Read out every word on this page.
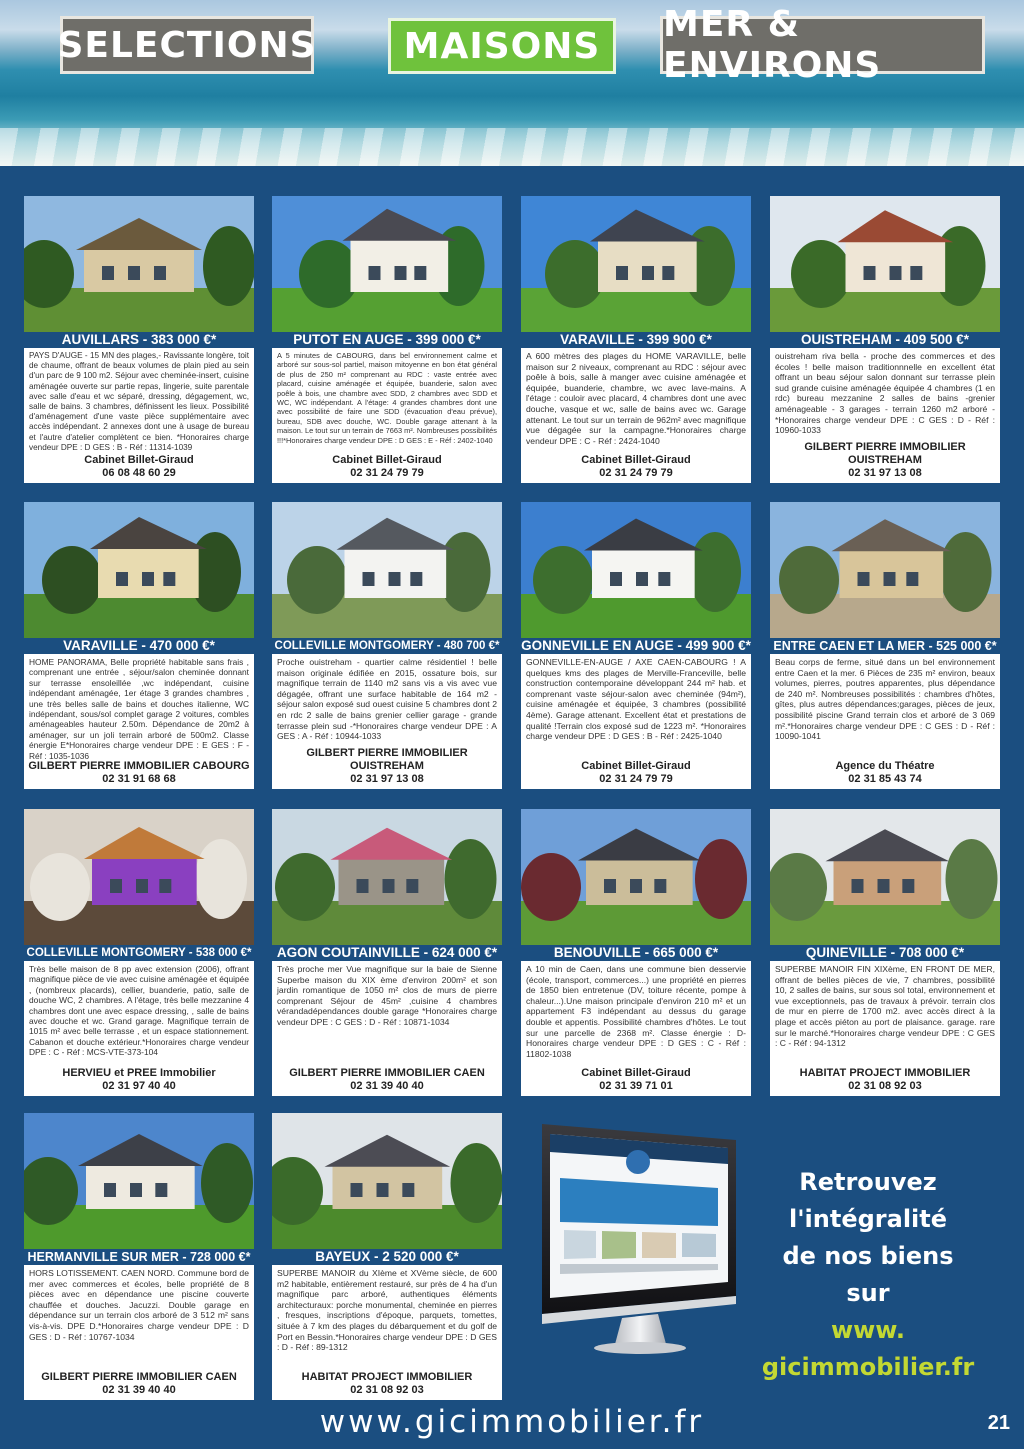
SELECTIONS	MAISONS
MER & ENVIRONS
AUVILLARS - 383 000 €*
PAYS D'AUGE - 15 MN des plages,- Ravissante longère, toit de chaume, offrant de beaux volumes de plain pied au sein d'un parc de 9 100 m2. Séjour avec cheminée-insert, cuisine aménagée ouverte sur partie repas, lingerie, suite parentale avec salle d'eau et wc séparé, dressing, dégagement, wc, salle de bains. 3 chambres, définissent les lieux. Possibilité d'aménagement d'une vaste pièce supplémentaire avec accès indépendant. 2 annexes dont une à usage de bureau et l'autre d'atelier complètent ce bien. *Honoraires charge vendeur DPE : D GES : B - Réf : 11314-1039
Cabinet Billet-Giraud
06 08 48 60 29
PUTOT EN AUGE - 399 000 €*
A 5 minutes de CABOURG, dans bel environnement calme et arboré sur sous-sol partiel, maison mitoyenne en bon état général de plus de 250 m² comprenant au RDC : vaste entrée avec placard, cuisine aménagée et équipée, buanderie, salon avec poêle à bois, une chambre avec SDD, 2 chambres avec SDD et WC, WC indépendant. A l'étage: 4 grandes chambres dont une avec possibilité de faire une SDD (évacuation d'eau prévue), bureau, SDB avec douche, WC. Double garage attenant à la maison. Le tout sur un terrain de 7663 m². Nombreuses possibilités !!!*Honoraires charge vendeur DPE : D GES : E - Réf : 2402-1040
Cabinet Billet-Giraud
02 31 24 79 79
VARAVILLE - 399 900 €*
A 600 mètres des plages du HOME VARAVILLE, belle maison sur 2 niveaux, comprenant au RDC : séjour avec poêle à bois, salle à manger avec cuisine aménagée et équipée, buanderie, chambre, wc avec lave-mains. A l'étage : couloir avec placard, 4 chambres dont une avec douche, vasque et wc, salle de bains avec wc. Garage attenant. Le tout sur un terrain de 962m² avec magnifique vue dégagée sur la campagne.*Honoraires charge vendeur DPE : C - Réf : 2424-1040
Cabinet Billet-Giraud
02 31 24 79 79
OUISTREHAM - 409 500 €*
ouistreham riva bella - proche des commerces et des écoles ! belle maison traditionnnelle en excellent état offrant un beau séjour salon donnant sur terrasse plein sud grande cuisine aménagée équipée 4 chambres (1 en rdc) bureau mezzanine 2 salles de bains -grenier aménageable - 3 garages - terrain 1260 m2 arboré -*Honoraires charge vendeur DPE : C GES : D - Réf : 10960-1033
GILBERT PIERRE IMMOBILIER OUISTREHAM
02 31 97 13 08
VARAVILLE - 470 000 €*
HOME PANORAMA, Belle propriété habitable sans frais , comprenant une entrée , séjour/salon cheminée donnant sur terrasse ensoleillée ,wc indépendant, cuisine indépendant aménagée, 1er étage 3 grandes chambres , une très belles salle de bains et douches italienne, WC indépendant, sous/sol complet garage 2 voitures, combles aménageables hauteur 2.50m. Dépendance de 20m2 à aménager, sur un joli terrain arboré de 500m2. Classe énergie E*Honoraires charge vendeur DPE : E GES : F - Réf : 1035-1036
GILBERT PIERRE IMMOBILIER CABOURG
02 31 91 68 68
COLLEVILLE MONTGOMERY - 480 700 €*
Proche ouistreham - quartier calme résidentiel ! belle maison originale édifiée en 2015, ossature bois, sur magnifique terrain de 1140 m2 sans vis a vis avec vue dégagée, offrant une surface habitable de 164 m2 - séjour salon exposé sud ouest cuisine 5 chambres dont 2 en rdc 2 salle de bains grenier cellier garage - grande terrasse plein sud -*Honoraires charge vendeur DPE : A GES : A - Réf : 10944-1033
GILBERT PIERRE IMMOBILIER OUISTREHAM
02 31 97 13 08
GONNEVILLE EN AUGE - 499 900 €*
GONNEVILLE-EN-AUGE / AXE CAEN-CABOURG ! A quelques kms des plages de Merville-Franceville, belle construction contemporaine développant 244 m² hab. et comprenant vaste séjour-salon avec cheminée (94m²), cuisine aménagée et équipée, 3 chambres (possibilité 4ème). Garage attenant. Excellent état et prestations de qualité !Terrain clos exposé sud de 1223 m². *Honoraires charge vendeur DPE : D GES : B - Réf : 2425-1040
Cabinet Billet-Giraud
02 31 24 79 79
ENTRE CAEN ET LA MER - 525 000 €*
Beau corps de ferme, situé dans un bel environnement entre Caen et la mer. 6 Pièces de 235 m² environ, beaux volumes, pierres, poutres apparentes, plus dépendance de 240 m². Nombreuses possibilités : chambres d'hôtes, gîtes, plus autres dépendances;garages, pièces de jeux, possibilité piscine Grand terrain clos et arboré de 3 069 m².*Honoraires charge vendeur DPE : C GES : D - Réf : 10090-1041
Agence du Théatre
02 31 85 43 74
COLLEVILLE MONTGOMERY - 538 000 €*
Très belle maison de 8 pp avec extension (2006), offrant magnifique pièce de vie avec cuisine aménagée et équipée , (nombreux placards), cellier, buanderie, patio, salle de douche WC, 2 chambres. A l'étage, très belle mezzanine 4 chambres dont une avec espace dressing, , salle de bains avec douche et wc. Grand garage. Magnifique terrain de 1015 m² avec belle terrasse , et un espace stationnement. Cabanon et douche extérieur.*Honoraires charge vendeur DPE : C - Réf : MCS-VTE-373-104
HERVIEU et PREE Immobilier
02 31 97 40 40
AGON COUTAINVILLE - 624 000 €*
Très proche mer Vue magnifique sur la baie de Sienne Superbe maison du XIX ème d'environ 200m² et son jardin romantique de 1050 m² clos de murs de pierre comprenant Séjour de 45m² ,cuisine 4 chambres vérandadépendances double garage *Honoraires charge vendeur DPE : C GES : D - Réf : 10871-1034
GILBERT PIERRE IMMOBILIER CAEN
02 31 39 40 40
BENOUVILLE - 665 000 €*
A 10 min de Caen, dans une commune bien desservie (école, transport, commerces...) une propriété en pierres de 1850 bien entretenue (DV, toiture récente, pompe à chaleur...).Une maison principale d'environ 210 m² et un appartement F3 indépendant au dessus du garage double et appentis. Possibilité chambres d'hôtes. Le tout sur une parcelle de 2368 m². Classe énergie : D-Honoraires charge vendeur DPE : D GES : C - Réf : 11802-1038
Cabinet Billet-Giraud
02 31 39 71 01
QUINEVILLE - 708 000 €*
SUPERBE MANOIR FIN XIXème, EN FRONT DE MER, offrant de belles pièces de vie, 7 chambres, possibilité 10, 2 salles de bains, sur sous sol total, environnement et vue exceptionnels, pas de travaux à prévoir. terrain clos de mur en pierre de 1700 m2. avec accès direct à la plage et accès piéton au port de plaisance. garage. rare sur le marché.*Honoraires charge vendeur DPE : C GES : C - Réf : 94-1312
HABITAT PROJECT IMMOBILIER
02 31 08 92 03
HERMANVILLE SUR MER - 728 000 €*
HORS LOTISSEMENT. CAEN NORD. Commune bord de mer avec commerces et écoles, belle propriété de 8 pièces avec en dépendance une piscine couverte chauffée et douches. Jacuzzi. Double garage en dépendance sur un terrain clos arboré de 3 512 m² sans vis-à-vis. DPE D.*Honoraires charge vendeur DPE : D GES : D - Réf : 10767-1034
GILBERT PIERRE IMMOBILIER CAEN
02 31 39 40 40
BAYEUX - 2 520 000 €*
SUPERBE MANOIR du XIème et XVème siècle, de 600 m2 habitable, entièrement restauré, sur près de 4 ha d'un magnifique parc arboré, authentiques éléments architecturaux: porche monumental, cheminée en pierres , fresques, inscriptions d'époque, parquets, tomettes, située à 7 km des plages du débarquement et du golf de Port en Bessin.*Honoraires charge vendeur DPE : D GES : D - Réf : 89-1312
HABITAT PROJECT IMMOBILIER
02 31 08 92 03
Retrouvez
l'intégralité
de nos biens sur
www.
gicimmobilier.fr
www.gicimmobilier.fr	21
